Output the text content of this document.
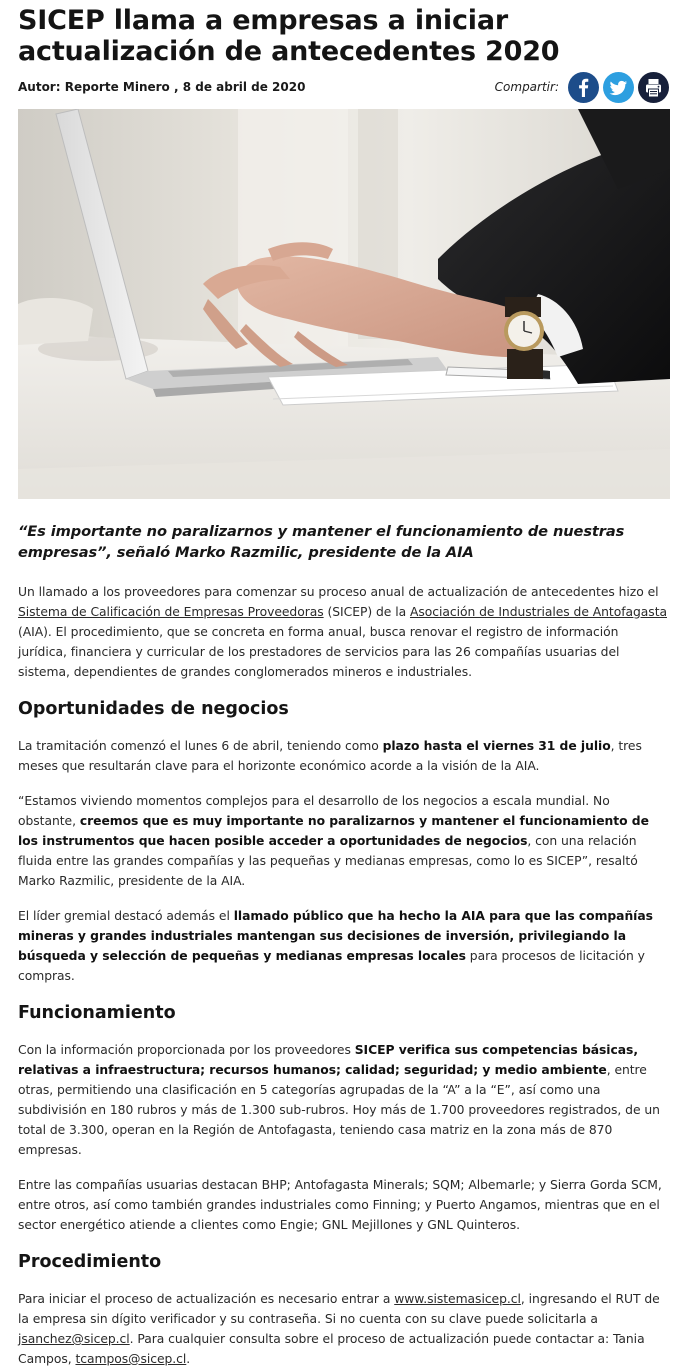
SICEP llama a empresas a iniciar actualización de antecedentes 2020
Autor: Reporte Minero , 8 de abril de 2020	Compartir:

“Es importante no paralizarnos y mantener el funcionamiento de nuestras empresas”, señaló Marko Razmilic, presidente de la AIA

Un llamado a los proveedores para comenzar su proceso anual de actualización de antecedentes hizo el Sistema de Calificación de Empresas Proveedoras (SICEP) de la Asociación de Industriales de Antofagasta (AIA). El procedimiento, que se concreta en forma anual, busca renovar el registro de información jurídica, financiera y curricular de los prestadores de servicios para las 26 compañías usuarias del sistema, dependientes de grandes conglomerados mineros e industriales.

Oportunidades de negocios

La tramitación comenzó el lunes 6 de abril, teniendo como plazo hasta el viernes 31 de julio, tres meses que resultarán clave para el horizonte económico acorde a la visión de la AIA.

“Estamos viviendo momentos complejos para el desarrollo de los negocios a escala mundial. No obstante, creemos que es muy importante no paralizarnos y mantener el funcionamiento de los instrumentos que hacen posible acceder a oportunidades de negocios, con una relación fluida entre las grandes compañías y las pequeñas y medianas empresas, como lo es SICEP”, resaltó Marko Razmilic, presidente de la AIA.

El líder gremial destacó además el llamado público que ha hecho la AIA para que las compañías mineras y grandes industriales mantengan sus decisiones de inversión, privilegiando la búsqueda y selección de pequeñas y medianas empresas locales para procesos de licitación y compras.

Funcionamiento

Con la información proporcionada por los proveedores SICEP verifica sus competencias básicas, relativas a infraestructura; recursos humanos; calidad; seguridad; y medio ambiente, entre otras, permitiendo una clasificación en 5 categorías agrupadas de la “A” a la “E”, así como una subdivisión en 180 rubros y más de 1.300 sub-rubros. Hoy más de 1.700 proveedores registrados, de un total de 3.300, operan en la Región de Antofagasta, teniendo casa matriz en la zona más de 870 empresas.

Entre las compañías usuarias destacan BHP; Antofagasta Minerals; SQM; Albemarle; y Sierra Gorda SCM, entre otros, así como también grandes industriales como Finning; y Puerto Angamos, mientras que en el sector energético atiende a clientes como Engie; GNL Mejillones y GNL Quinteros.

Procedimiento

Para iniciar el proceso de actualización es necesario entrar a www.sistemasicep.cl, ingresando el RUT de la empresa sin dígito verificador y su contraseña. Si no cuenta con su clave puede solicitarla a jsanchez@sicep.cl. Para cualquier consulta sobre el proceso de actualización puede contactar a: Tania Campos, tcampos@sicep.cl.
